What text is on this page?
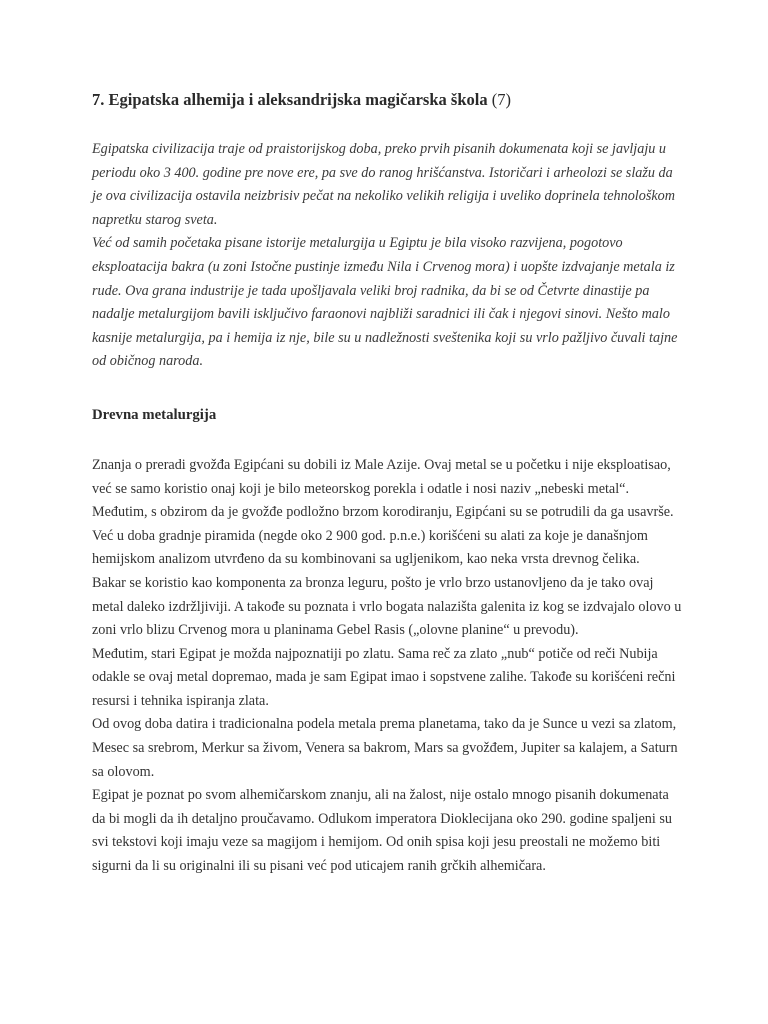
7. Egipatska alhemija i aleksandrijska magičarska škola (7)

Egipatska civilizacija traje od praistorijskog doba, preko prvih pisanih dokumenata koji se javljaju u periodu oko 3 400. godine pre nove ere, pa sve do ranog hrišćanstva. Istoričari i arheolozi se slažu da je ova civilizacija ostavila neizbrisiv pečat na nekoliko velikih religija i uveliko doprinela tehnološkom napretku starog sveta.

Već od samih početaka pisane istorije metalurgija u Egiptu je bila visoko razvijena, pogotovo eksploatacija bakra (u zoni Istočne pustinje između Nila i Crvenog mora) i uopšte izdvajanje metala iz rude. Ova grana industrije je tada upošljavala veliki broj radnika, da bi se od Četvrte dinastije pa nadalje metalurgijom bavili isključivo faraonovi najbliži saradnici ili čak i njegovi sinovi. Nešto malo kasnije metalurgija, pa i hemija iz nje, bile su u nadležnosti sveštenika koji su vrlo pažljivo čuvali tajne od običnog naroda.

Drevna metalurgija

Znanja o preradi gvožđa Egipćani su dobili iz Male Azije. Ovaj metal se u početku i nije eksploatisao, već se samo koristio onaj koji je bilo meteorskog porekla i odatle i nosi naziv „nebeski metal“. Međutim, s obzirom da je gvožđe podložno brzom korodiranju, Egipćani su se potrudili da ga usavrše. Već u doba gradnje piramida (negde oko 2 900 god. p.n.e.) korišćeni su alati za koje je današnjom hemijskom analizom utvrđeno da su kombinovani sa ugljenikom, kao neka vrsta drevnog čelika.

Bakar se koristio kao komponenta za bronza leguru, pošto je vrlo brzo ustanovljeno da je tako ovaj metal daleko izdržljiviji. A takođe su poznata i vrlo bogata nalazišta galenita iz kog se izdvajalo olovo u zoni vrlo blizu Crvenog mora u planinama Gebel Rasis („olovne planine“ u prevodu).

Međutim, stari Egipat je možda najpoznatiji po zlatu. Sama reč za zlato „nub“ potiče od reči Nubija odakle se ovaj metal dopremao, mada je sam Egipat imao i sopstvene zalihe. Takođe su korišćeni rečni resursi i tehnika ispiranja zlata.

Od ovog doba datira i tradicionalna podela metala prema planetama, tako da je Sunce u vezi sa zlatom, Mesec sa srebrom, Merkur sa živom, Venera sa bakrom, Mars sa gvožđem, Jupiter sa kalajem, a Saturn sa olovom.

Egipat je poznat po svom alhemičarskom znanju, ali na žalost, nije ostalo mnogo pisanih dokumenata da bi mogli da ih detaljno proučavamo. Odlukom imperatora Dioklecijana oko 290. godine spaljeni su svi tekstovi koji imaju veze sa magijom i hemijom. Od onih spisa koji jesu preostali ne možemo biti sigurni da li su originalni ili su pisani već pod uticajem ranih grčkih alhemičara.
